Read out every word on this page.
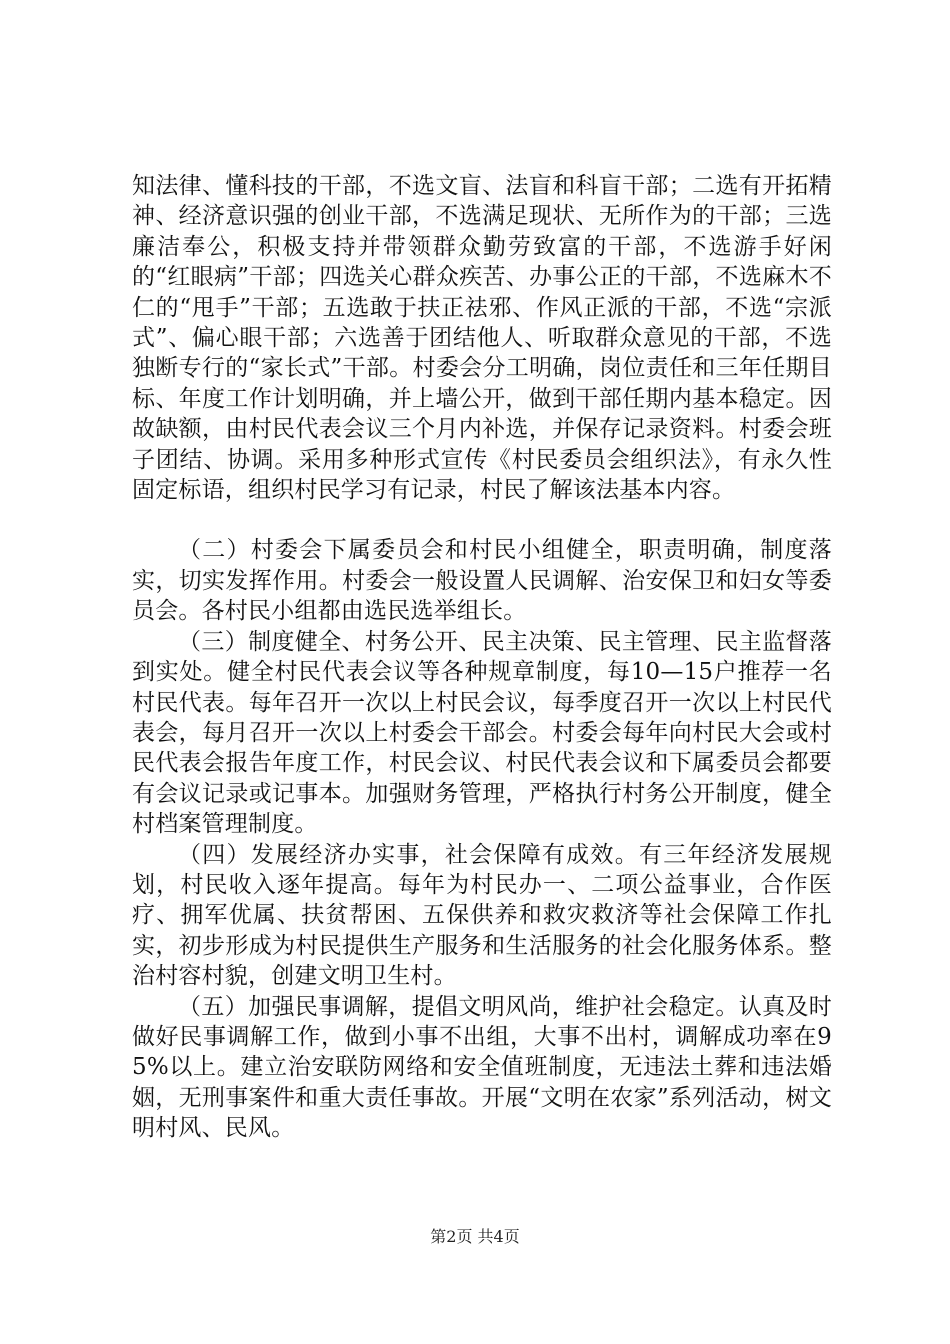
知法律、懂科技的干部，不选文盲、法盲和科盲干部；二选有开拓精神、经济意识强的创业干部，不选满足现状、无所作为的干部；三选廉洁奉公，积极支持并带领群众勤劳致富的干部，不选游手好闲的“红眼病”干部；四选关心群众疾苦、办事公正的干部，不选麻木不仁的“甩手”干部；五选敢于扶正祛邪、作风正派的干部，不选“宗派式”、偏心眼干部；六选善于团结他人、听取群众意见的干部，不选独断专行的“家长式”干部。村委会分工明确，岗位责任和三年任期目标、年度工作计划明确，并上墙公开，做到干部任期内基本稳定。因故缺额，由村民代表会议三个月内补选，并保存记录资料。村委会班子团结、协调。采用多种形式宣传《村民委员会组织法》，有永久性固定标语，组织村民学习有记录，村民了解该法基本内容。

（二）村委会下属委员会和村民小组健全，职责明确，制度落实，切实发挥作用。村委会一般设置人民调解、治安保卫和妇女等委员会。各村民小组都由选民选举组长。

（三）制度健全、村务公开、民主决策、民主管理、民主监督落到实处。健全村民代表会议等各种规章制度，每10—15户推荐一名村民代表。每年召开一次以上村民会议，每季度召开一次以上村民代表会，每月召开一次以上村委会干部会。村委会每年向村民大会或村民代表会报告年度工作，村民会议、村民代表会议和下属委员会都要有会议记录或记事本。加强财务管理，严格执行村务公开制度，健全村档案管理制度。

（四）发展经济办实事，社会保障有成效。有三年经济发展规划，村民收入逐年提高。每年为村民办一、二项公益事业，合作医疗、拥军优属、扶贫帮困、五保供养和救灾救济等社会保障工作扎实，初步形成为村民提供生产服务和生活服务的社会化服务体系。整治村容村貌，创建文明卫生村。

（五）加强民事调解，提倡文明风尚，维护社会稳定。认真及时做好民事调解工作，做到小事不出组，大事不出村，调解成功率在95%以上。建立治安联防网络和安全值班制度，无违法土葬和违法婚姻，无刑事案件和重大责任事故。开展“文明在农家”系列活动，树文明村风、民风。

第2页 共4页
